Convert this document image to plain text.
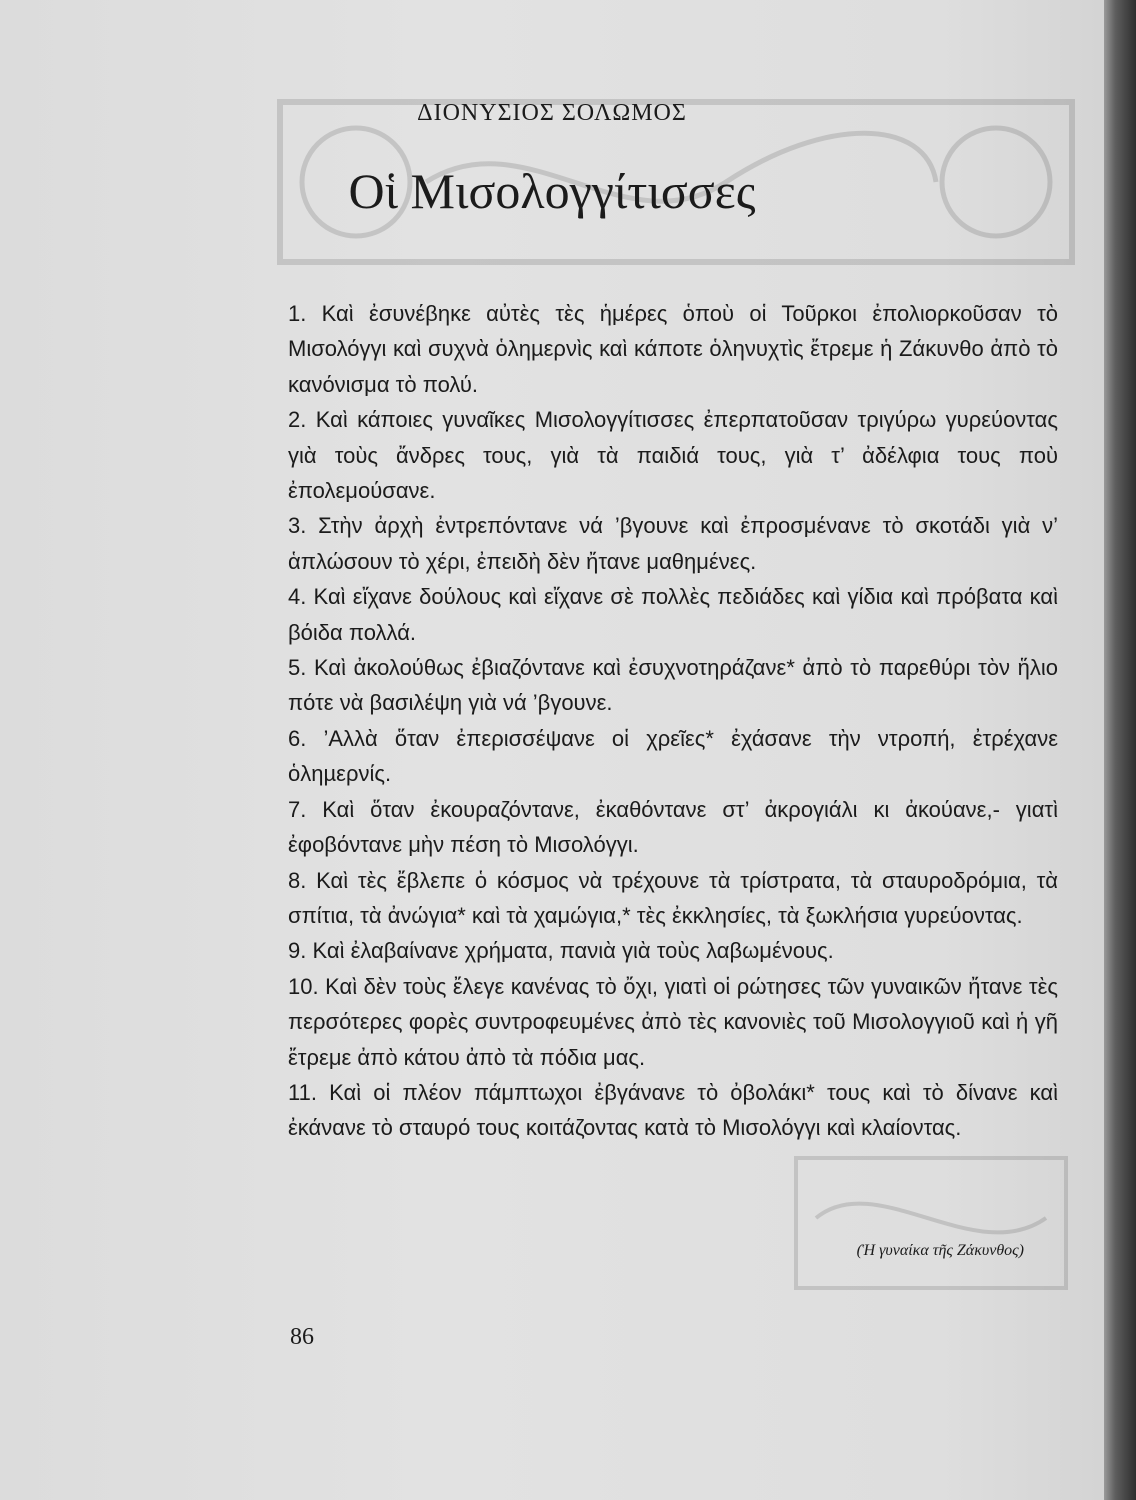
ΔΙΟΝΥΣΙΟΣ ΣΟΛΩΜΟΣ
Οἱ Μισολογγίτισσες

1. Καὶ ἐσυνέβηκε αὐτὲς τὲς ἡμέρες ὁποὺ οἱ Τοῦρκοι ἐπολιορκοῦσαν τὸ Μισολόγγι καὶ συχνὰ ὁληµερνὶς καὶ κάποτε ὁληνυχτὶς ἔτρεμε ἡ Ζάκυνθο ἀπὸ τὸ κανόνισμα τὸ πολύ.

2. Καὶ κάποιες γυναῖκες Μισολογγίτισσες ἐπερπατοῦσαν τριγύρω γυρεύοντας γιὰ τοὺς ἄνδρες τους, γιὰ τὰ παιδιά τους, γιὰ τ’ ἀδέλφια τους ποὺ ἐπολεμούσανε.

3. Στὴν ἀρχὴ ἐντρεπόντανε νά ’βγουνε καὶ ἐπροσμένανε τὸ σκοτάδι γιὰ ν’ ἁπλώσουν τὸ χέρι, ἐπειδὴ δὲν ἤτανε μαθημένες.

4. Καὶ εἴχανε δούλους καὶ εἴχανε σὲ πολλὲς πεδιάδες καὶ γίδια καὶ πρόβατα καὶ βόιδα πολλά.

5. Καὶ ἀκολούθως ἐβιαζόντανε καὶ ἐσυχνοτηράζανε* ἀπὸ τὸ παρεθύρι τὸν ἥλιο πότε νὰ βασιλέψη γιὰ νά ’βγουνε.

6. ’Αλλὰ ὅταν ἐπερισσέψανε οἱ χρεῖες* ἐχάσανε τὴν ντροπή, ἐτρέχανε ὁληµερνίς.

7. Καὶ ὅταν ἐκουραζόντανε, ἐκαθόντανε στ’ ἀκρογιάλι κι ἀκούανε,- γιατὶ ἐφοβόντανε μὴν πέση τὸ Μισολόγγι.

8. Καὶ τὲς ἔβλεπε ὁ κόσμος νὰ τρέχουνε τὰ τρίστρατα, τὰ σταυροδρόμια, τὰ σπίτια, τὰ ἀνώγια* καὶ τὰ χαμώγια,* τὲς ἐκκλησίες, τὰ ξωκλήσια γυρεύοντας.

9. Καὶ ἐλαβαίνανε χρήματα, πανιὰ γιὰ τοὺς λαβωμένους.

10. Καὶ δὲν τοὺς ἔλεγε κανένας τὸ ὄχι, γιατὶ οἱ ρώτησες τῶν γυναικῶν ἤτανε τὲς περσότερες φορὲς συντροφευμένες ἀπὸ τὲς κανονιὲς τοῦ Μισολογγιοῦ καὶ ἡ γῆ ἔτρεμε ἀπὸ κάτου ἀπὸ τὰ πόδια μας.

11. Καὶ οἱ πλέον πάμπτωχοι ἐβγάνανε τὸ ὀβολάκι* τους καὶ τὸ δίνανε καὶ ἐκάνανε τὸ σταυρό τους κοιτάζοντας κατὰ τὸ Μισολόγγι καὶ κλαίοντας.

(Ἡ γυναίκα τῆς Ζάκυνθος)
86
